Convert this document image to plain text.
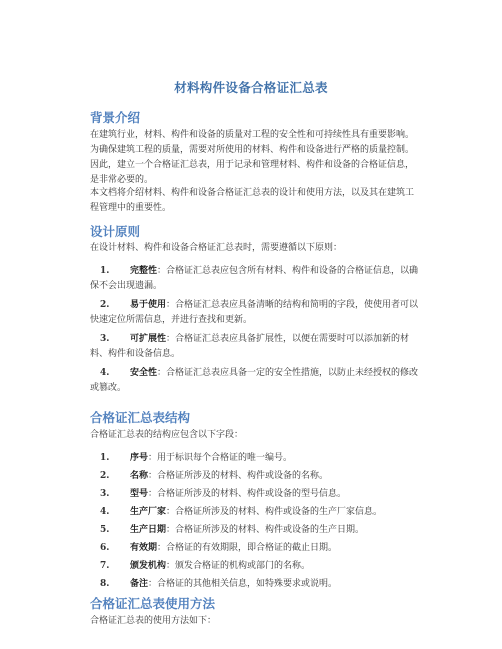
材料构件设备合格证汇总表
背景介绍
在建筑行业，材料、构件和设备的质量对工程的安全性和可持续性具有重要影响。为确保建筑工程的质量，需要对所使用的材料、构件和设备进行严格的质量控制。因此，建立一个合格证汇总表，用于记录和管理材料、构件和设备的合格证信息，是非常必要的。
本文档将介绍材料、构件和设备合格证汇总表的设计和使用方法，以及其在建筑工程管理中的重要性。
设计原则
在设计材料、构件和设备合格证汇总表时，需要遵循以下原则：
1. 完整性：合格证汇总表应包含所有材料、构件和设备的合格证信息，以确保不会出现遗漏。
2. 易于使用：合格证汇总表应具备清晰的结构和简明的字段，使使用者可以快速定位所需信息，并进行查找和更新。
3. 可扩展性：合格证汇总表应具备扩展性，以便在需要时可以添加新的材料、构件和设备信息。
4. 安全性：合格证汇总表应具备一定的安全性措施，以防止未经授权的修改或篡改。
合格证汇总表结构
合格证汇总表的结构应包含以下字段：
1. 序号：用于标识每个合格证的唯一编号。
2. 名称：合格证所涉及的材料、构件或设备的名称。
3. 型号：合格证所涉及的材料、构件或设备的型号信息。
4. 生产厂家：合格证所涉及的材料、构件或设备的生产厂家信息。
5. 生产日期：合格证所涉及的材料、构件或设备的生产日期。
6. 有效期：合格证的有效期限，即合格证的截止日期。
7. 颁发机构：颁发合格证的机构或部门的名称。
8. 备注：合格证的其他相关信息，如特殊要求或说明。
合格证汇总表使用方法
合格证汇总表的使用方法如下：
